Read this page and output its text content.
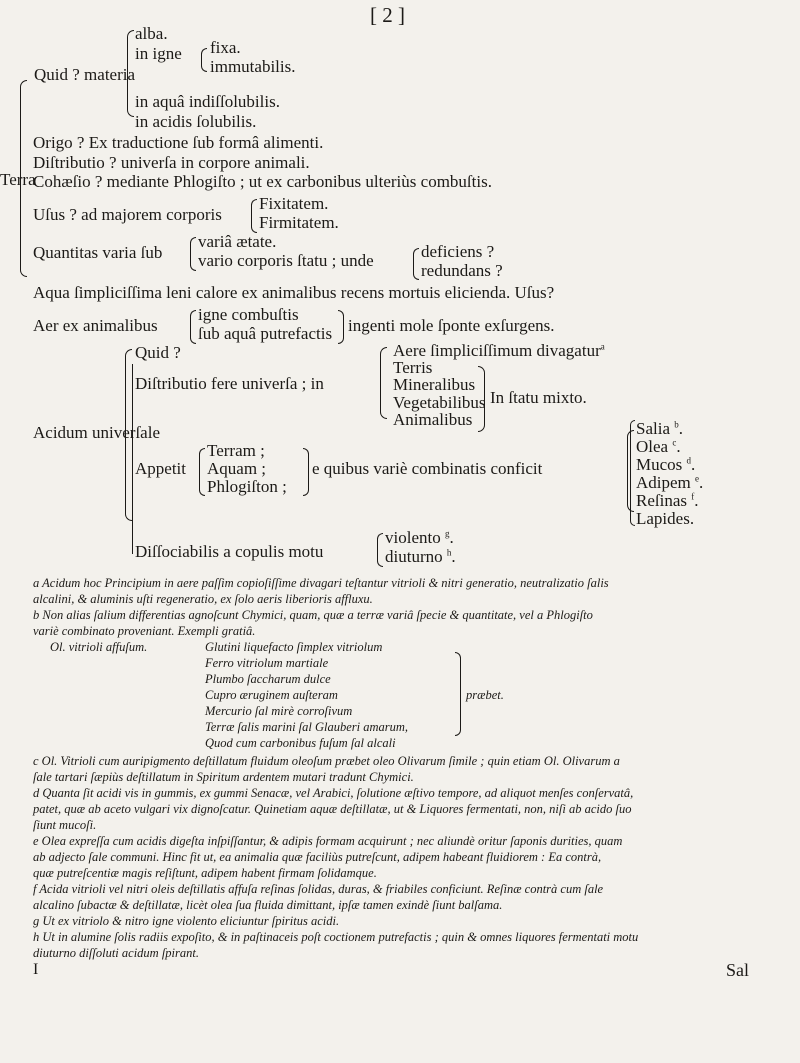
[ 2 ]
alba.
in igne fixa.
immutabilis.
Quid ? materia
in aquâ indiſſolubilis.
in acidis ſolubilis.
Terra
Origo ? Ex traductione ſub formâ alimenti.
Diſtributio ? univerſa in corpore animali.
Cohæſio ? mediante Phlogiſto ; ut ex carbonibus ulteriùs combuſtis.
Uſus ? ad majorem corporis
Fixitatem.
Firmitatem.
Quantitas varia ſub
variâ ætate.
vario corporis ſtatu ; unde	deficiens ?
redundans ?
Aqua ſimpliciſſima leni calore ex animalibus recens mortuis elicienda. Uſus?
Aer ex animalibus
igne combuſtis
ſub aquâ putrefactis ingenti mole ſponte exſurgens.
Acidum univerſale
Quid ?
Diſtributio fere univerſa ; in
Aere ſimpliciſſimum divagatur$^a$
Terris
Mineralibus
Vegetabilibus
Animalibus
In ſtatu mixto.
Appetit
Terram ;
Aquam ;
Phlogiſton ;
e quibus variè combinatis conficit
Salia $^b$.
Olea $^c$.
Mucos $^d$.
Adipem $^e$.
Reſinas $^f$.
Lapides.
Diſſociabilis a copulis motu
violento $^g$.
diuturno $^h$.
a Acidum hoc Principium in aere paſſim copioſiſſime divagari teſtantur vitrioli & nitri generatio, neutralizatio ſalis
alcalini, & aluminis uſti regeneratio, ex ſolo aeris liberioris affluxu.
b Non alias ſalium differentias agnoſcunt Chymici, quam, quæ a terræ variâ ſpecie & quantitate, vel a Phlogiſto
variè combinato proveniant. Exempli gratiâ.
Ol. vitrioli affuſum.	Glutini liquefacto ſimplex vitriolum
Ferro vitriolum martiale
Plumbo ſaccharum dulce
Cupro æruginem auſteram
Mercurio ſal mirè corroſivum
Terræ ſalis marini ſal Glauberi amarum,
Quod cum carbonibus fuſum ſal alcali
præbet.
c Ol. Vitrioli cum auripigmento deſtillatum fluidum oleoſum præbet oleo Olivarum ſimile ; quin etiam Ol. Olivarum a
ſale tartari ſæpiùs deſtillatum in Spiritum ardentem mutari tradunt Chymici.
d Quanta ſit acidi vis in gummis, ex gummi Senacæ, vel Arabici, ſolutione æſtivo tempore, ad aliquot menſes conſervatâ,
patet, quæ ab aceto vulgari vix dignoſcatur. Quinetiam aquæ deſtillatæ, ut & Liquores fermentati, non, niſi ab acido ſuo
ſiunt mucoſi.
e Olea expreſſa cum acidis digeſta inſpiſſantur, & adipis formam acquirunt ; nec aliundè oritur ſaponis durities, quam
ab adjecto ſale communi. Hinc fit ut, ea animalia quæ faciliùs putreſcunt, adipem habeant fluidiorem : Ea contrà,
quæ putreſcentiæ magis reſiſtunt, adipem habent firmam ſolidamque.
f Acida vitrioli vel nitri oleis deſtillatis affuſa reſinas ſolidas, duras, & friabiles conficiunt. Reſinæ contrà cum ſale
alcalino ſubactæ & deſtillatæ, licèt olea ſua fluida dimittant, ipſæ tamen exindè ſiunt balſama.
g Ut ex vitriolo & nitro igne violento eliciuntur ſpiritus acidi.
h Ut in alumine ſolis radiis expoſito, & in paſtinaceis poſt coctionem putrefactis ; quin & omnes liquores fermentati motu
diuturno diſſoluti acidum ſpirant.
I	Sal
